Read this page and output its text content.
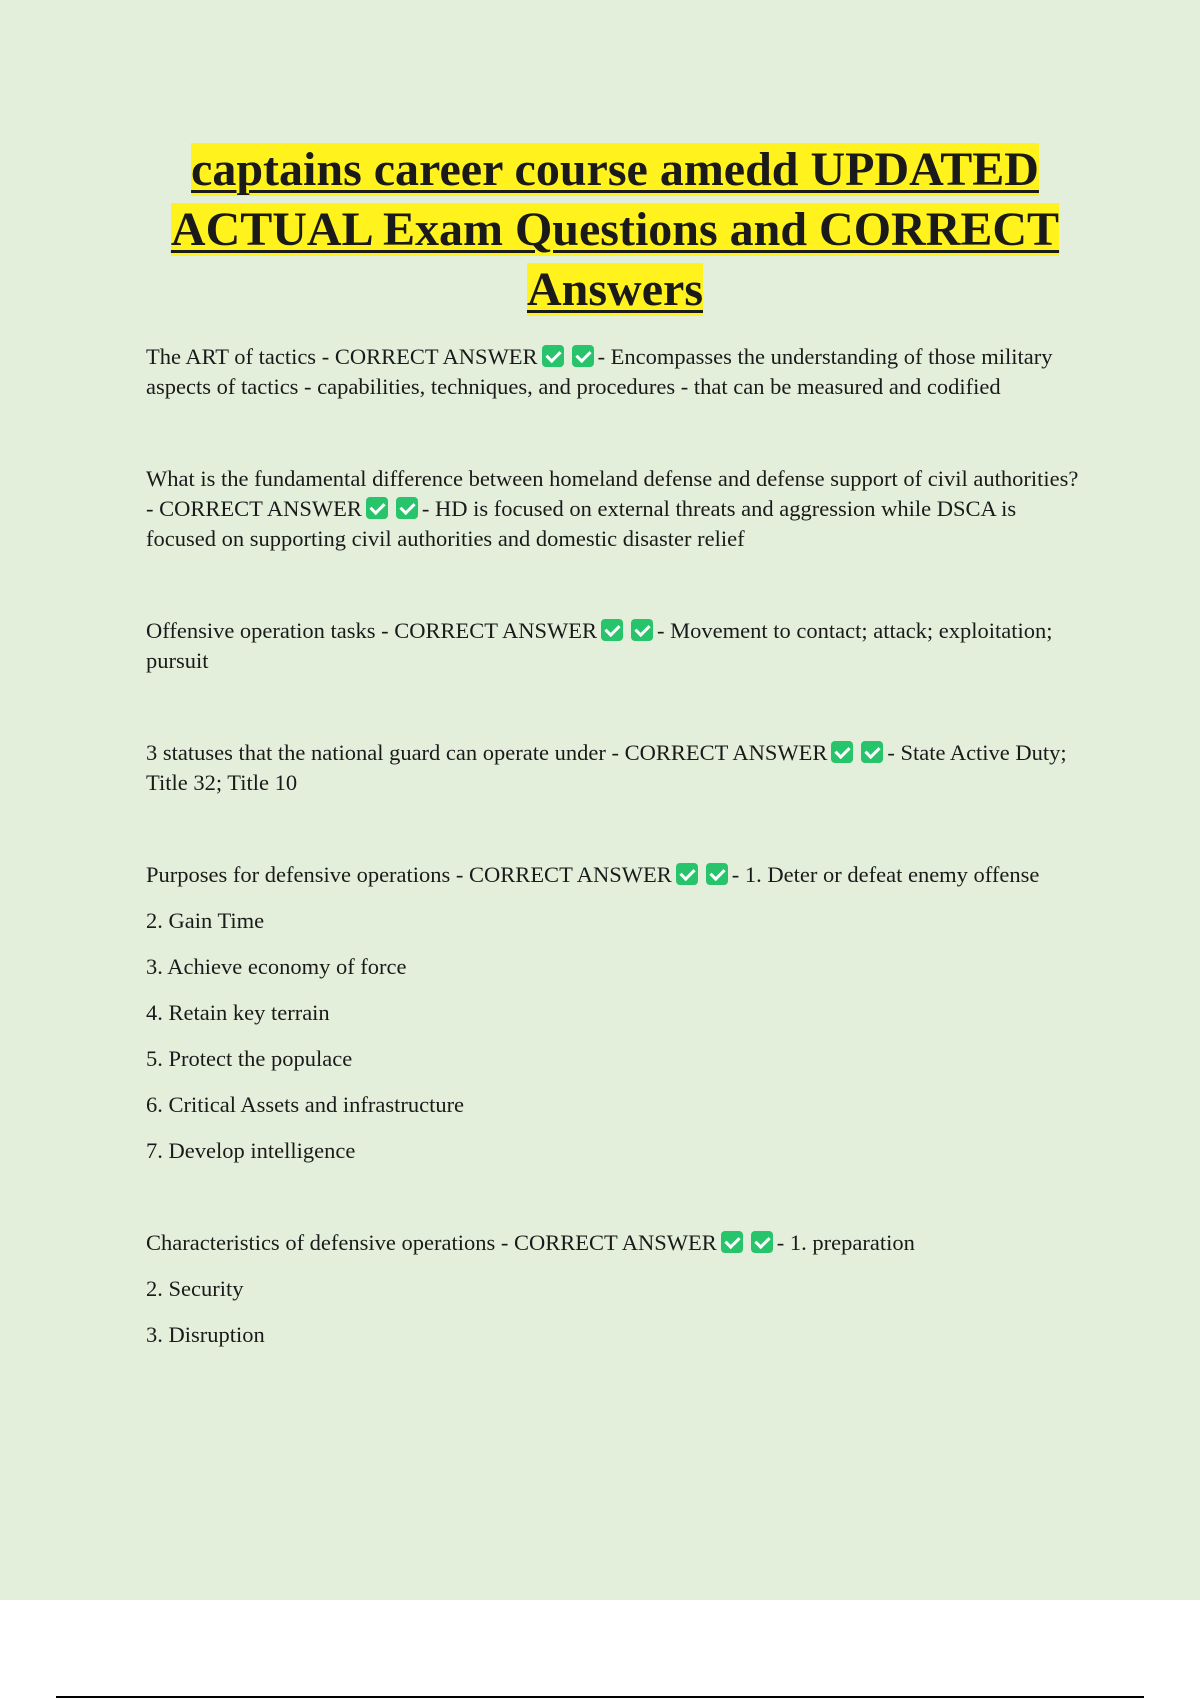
captains career course amedd UPDATED ACTUAL Exam Questions and CORRECT Answers

The ART of tactics - CORRECT ANSWER	- Encompasses the understanding of those military aspects of tactics - capabilities, techniques, and procedures - that can be measured and codified

What is the fundamental difference between homeland defense and defense support of civil authorities? - CORRECT ANSWER	- HD is focused on external threats and aggression while DSCA is focused on supporting civil authorities and domestic disaster relief

Offensive operation tasks - CORRECT ANSWER	- Movement to contact; attack; exploitation; pursuit

3 statuses that the national guard can operate under - CORRECT ANSWER	- State Active Duty; Title 32; Title 10

Purposes for defensive operations - CORRECT ANSWER	- 1. Deter or defeat enemy offense

2. Gain Time
3. Achieve economy of force
4. Retain key terrain
5. Protect the populace
6. Critical Assets and infrastructure
7. Develop intelligence

Characteristics of defensive operations - CORRECT ANSWER	- 1. preparation

2. Security
3. Disruption
